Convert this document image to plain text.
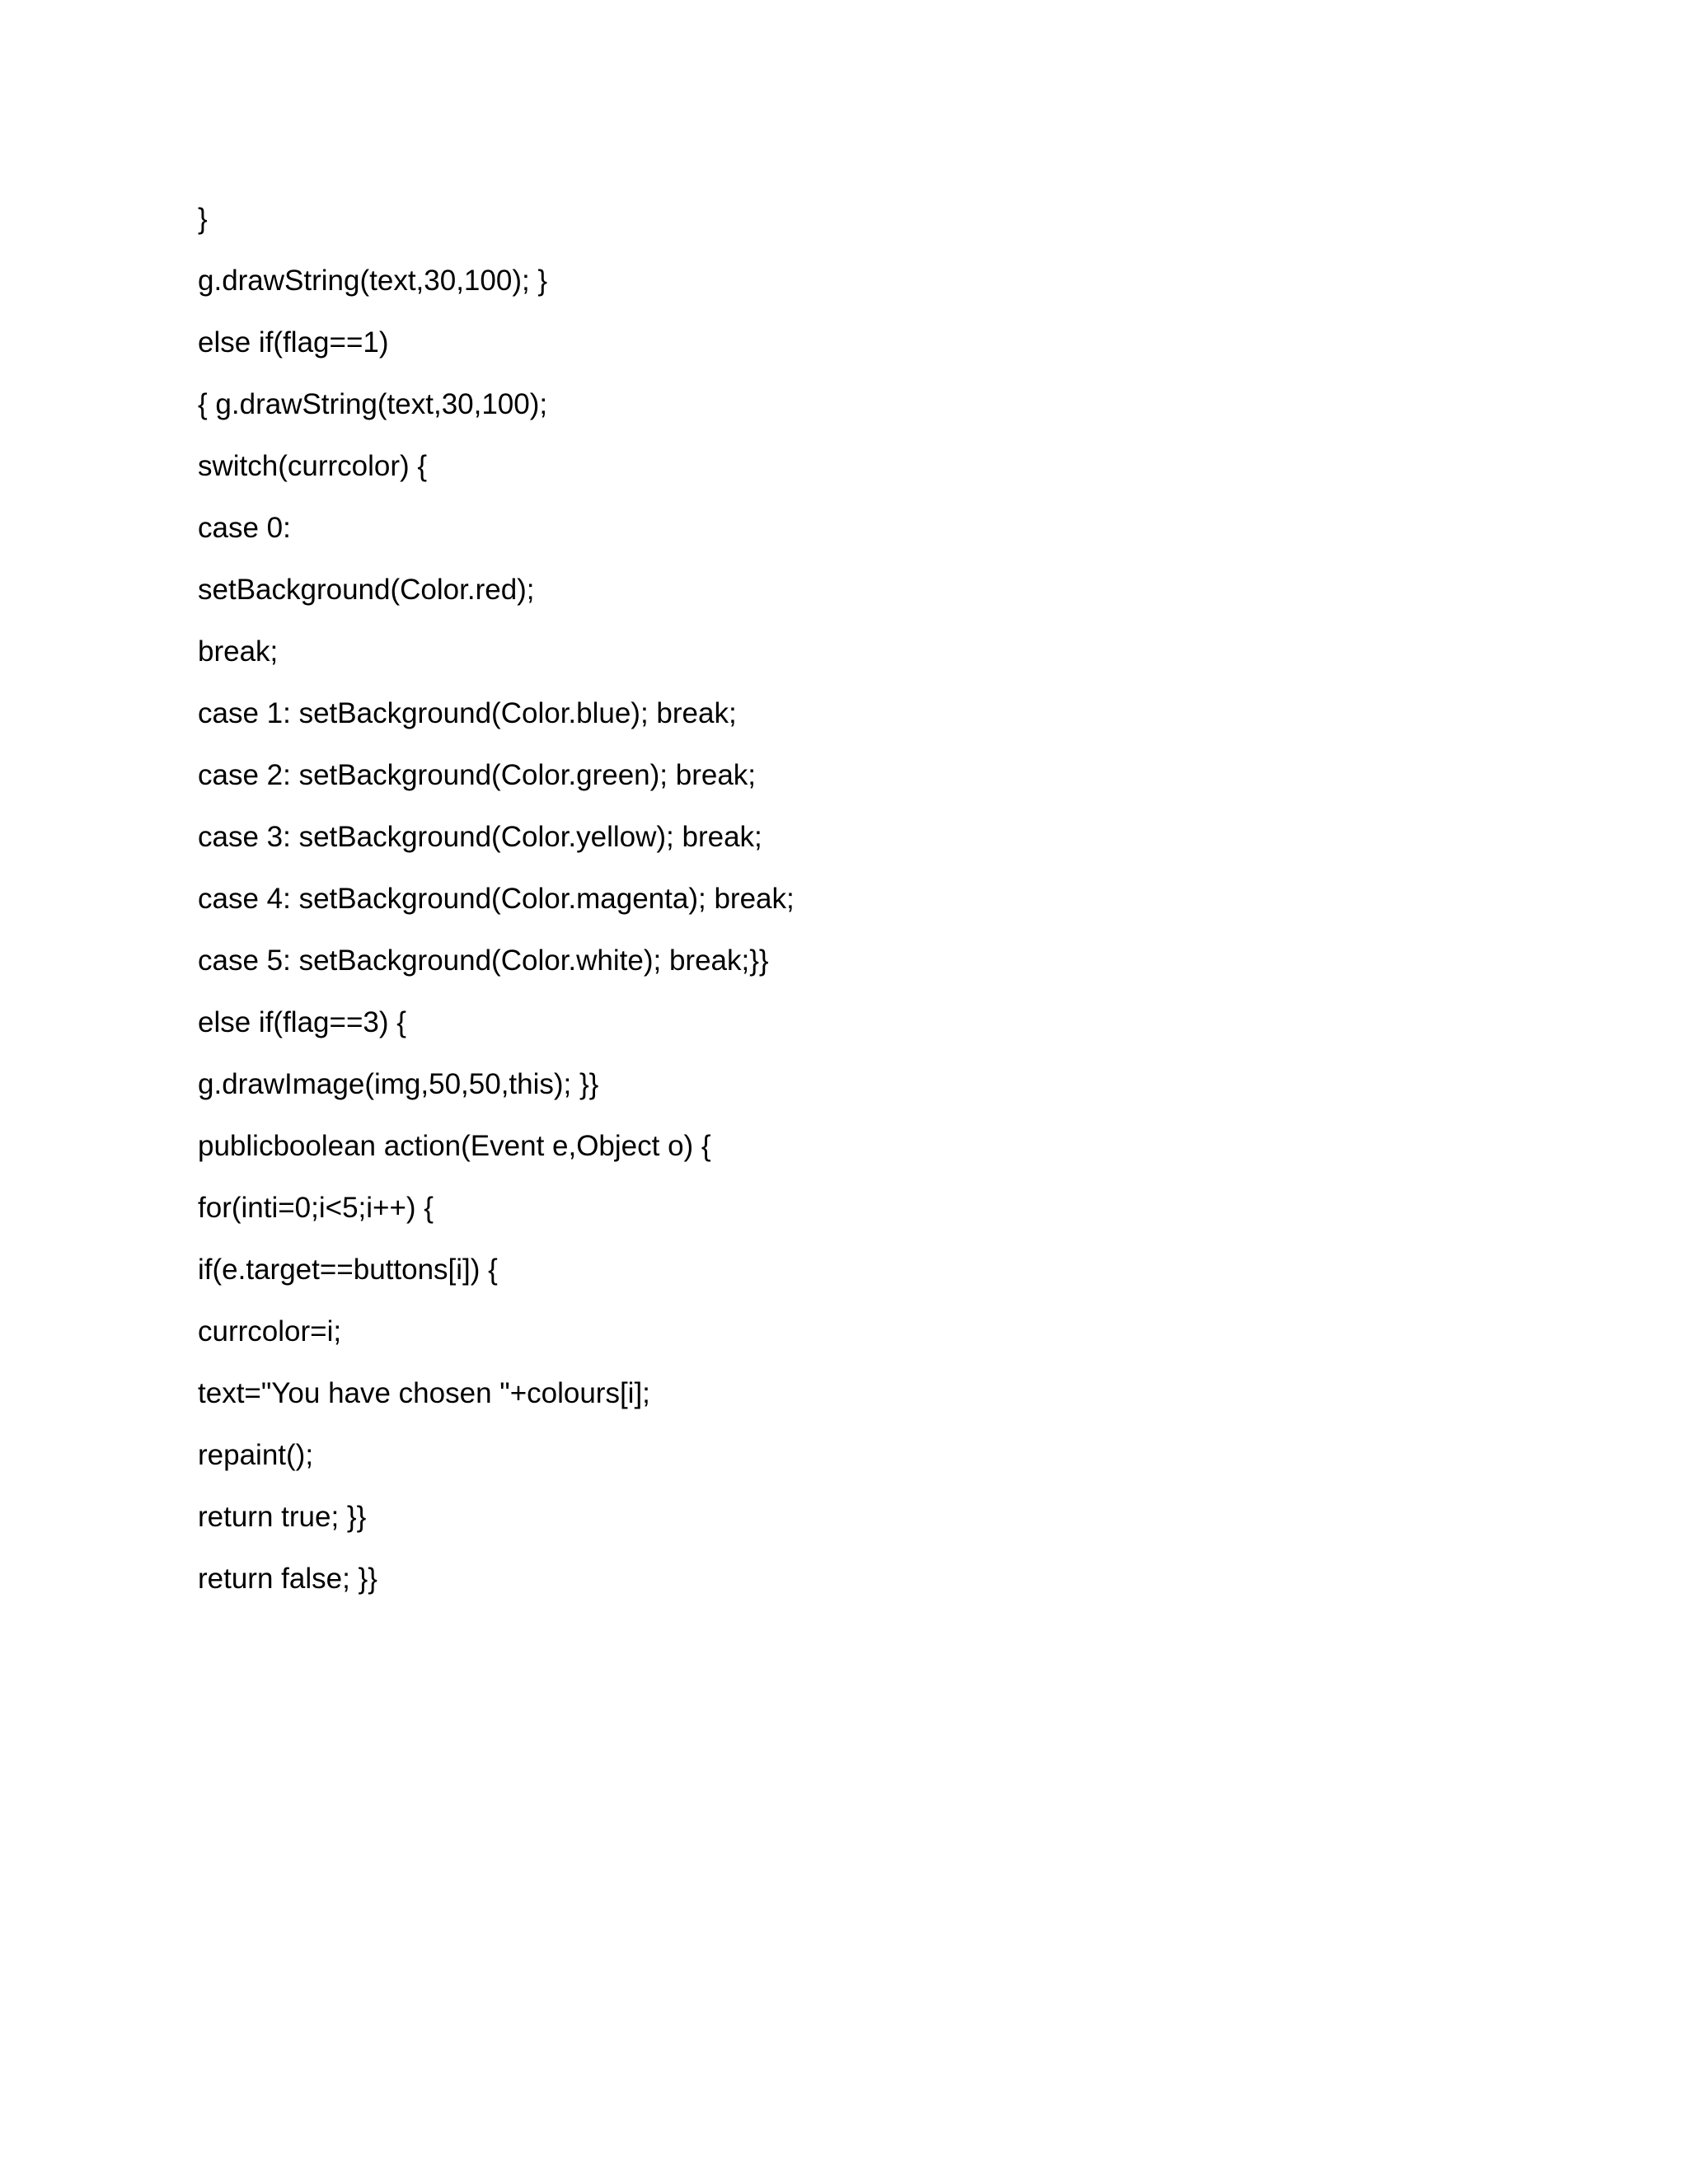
}
g.drawString(text,30,100); }
else if(flag==1)
{ g.drawString(text,30,100);
switch(currcolor) {
case 0:
setBackground(Color.red);
break;
case 1: setBackground(Color.blue); break;
case 2: setBackground(Color.green); break;
case 3: setBackground(Color.yellow); break;
case 4: setBackground(Color.magenta); break;
case 5: setBackground(Color.white); break;}}
else if(flag==3) {
g.drawImage(img,50,50,this); }}
publicboolean action(Event e,Object o) {
for(inti=0;i<5;i++) {
if(e.target==buttons[i]) {
currcolor=i;
text="You have chosen "+colours[i];
repaint();
return true; }}
return false; }}
